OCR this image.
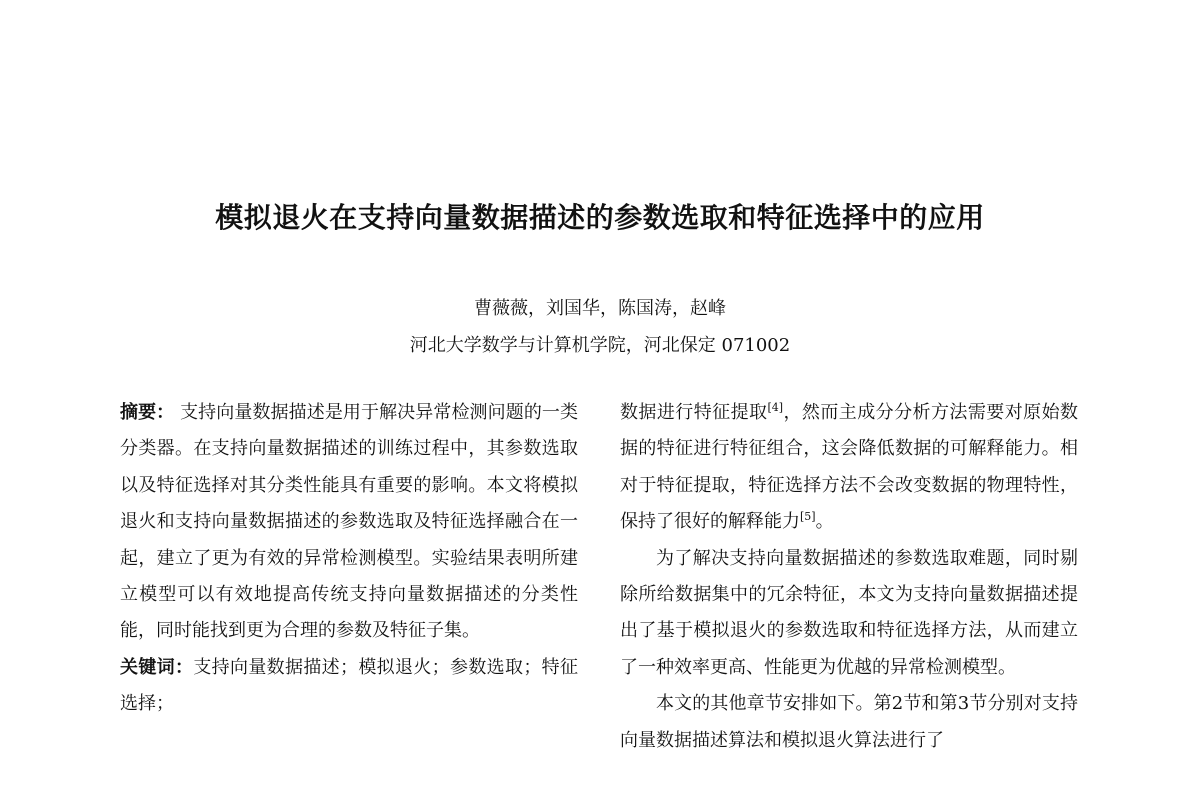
模拟退火在支持向量数据描述的参数选取和特征选择中的应用
曹薇薇，刘国华，陈国涛，赵峰
河北大学数学与计算机学院，河北保定 071002

摘要： 支持向量数据描述是用于解决异常检测问题的一类分类器。在支持向量数据描述的训练过程中，其参数选取以及特征选择对其分类性能具有重要的影响。本文将模拟退火和支持向量数据描述的参数选取及特征选择融合在一起，建立了更为有效的异常检测模型。实验结果表明所建立模型可以有效地提高传统支持向量数据描述的分类性能，同时能找到更为合理的参数及特征子集。

关键词：支持向量数据描述；模拟退火；参数选取；特征选择；

数据进行特征提取[4]，然而主成分分析方法需要对原始数据的特征进行特征组合，这会降低数据的可解释能力。相对于特征提取，特征选择方法不会改变数据的物理特性，保持了很好的解释能力[5]。

为了解决支持向量数据描述的参数选取难题，同时剔除所给数据集中的冗余特征，本文为支持向量数据描述提出了基于模拟退火的参数选取和特征选择方法，从而建立了一种效率更高、性能更为优越的异常检测模型。

本文的其他章节安排如下。第2节和第3节分别对支持向量数据描述算法和模拟退火算法进行了
